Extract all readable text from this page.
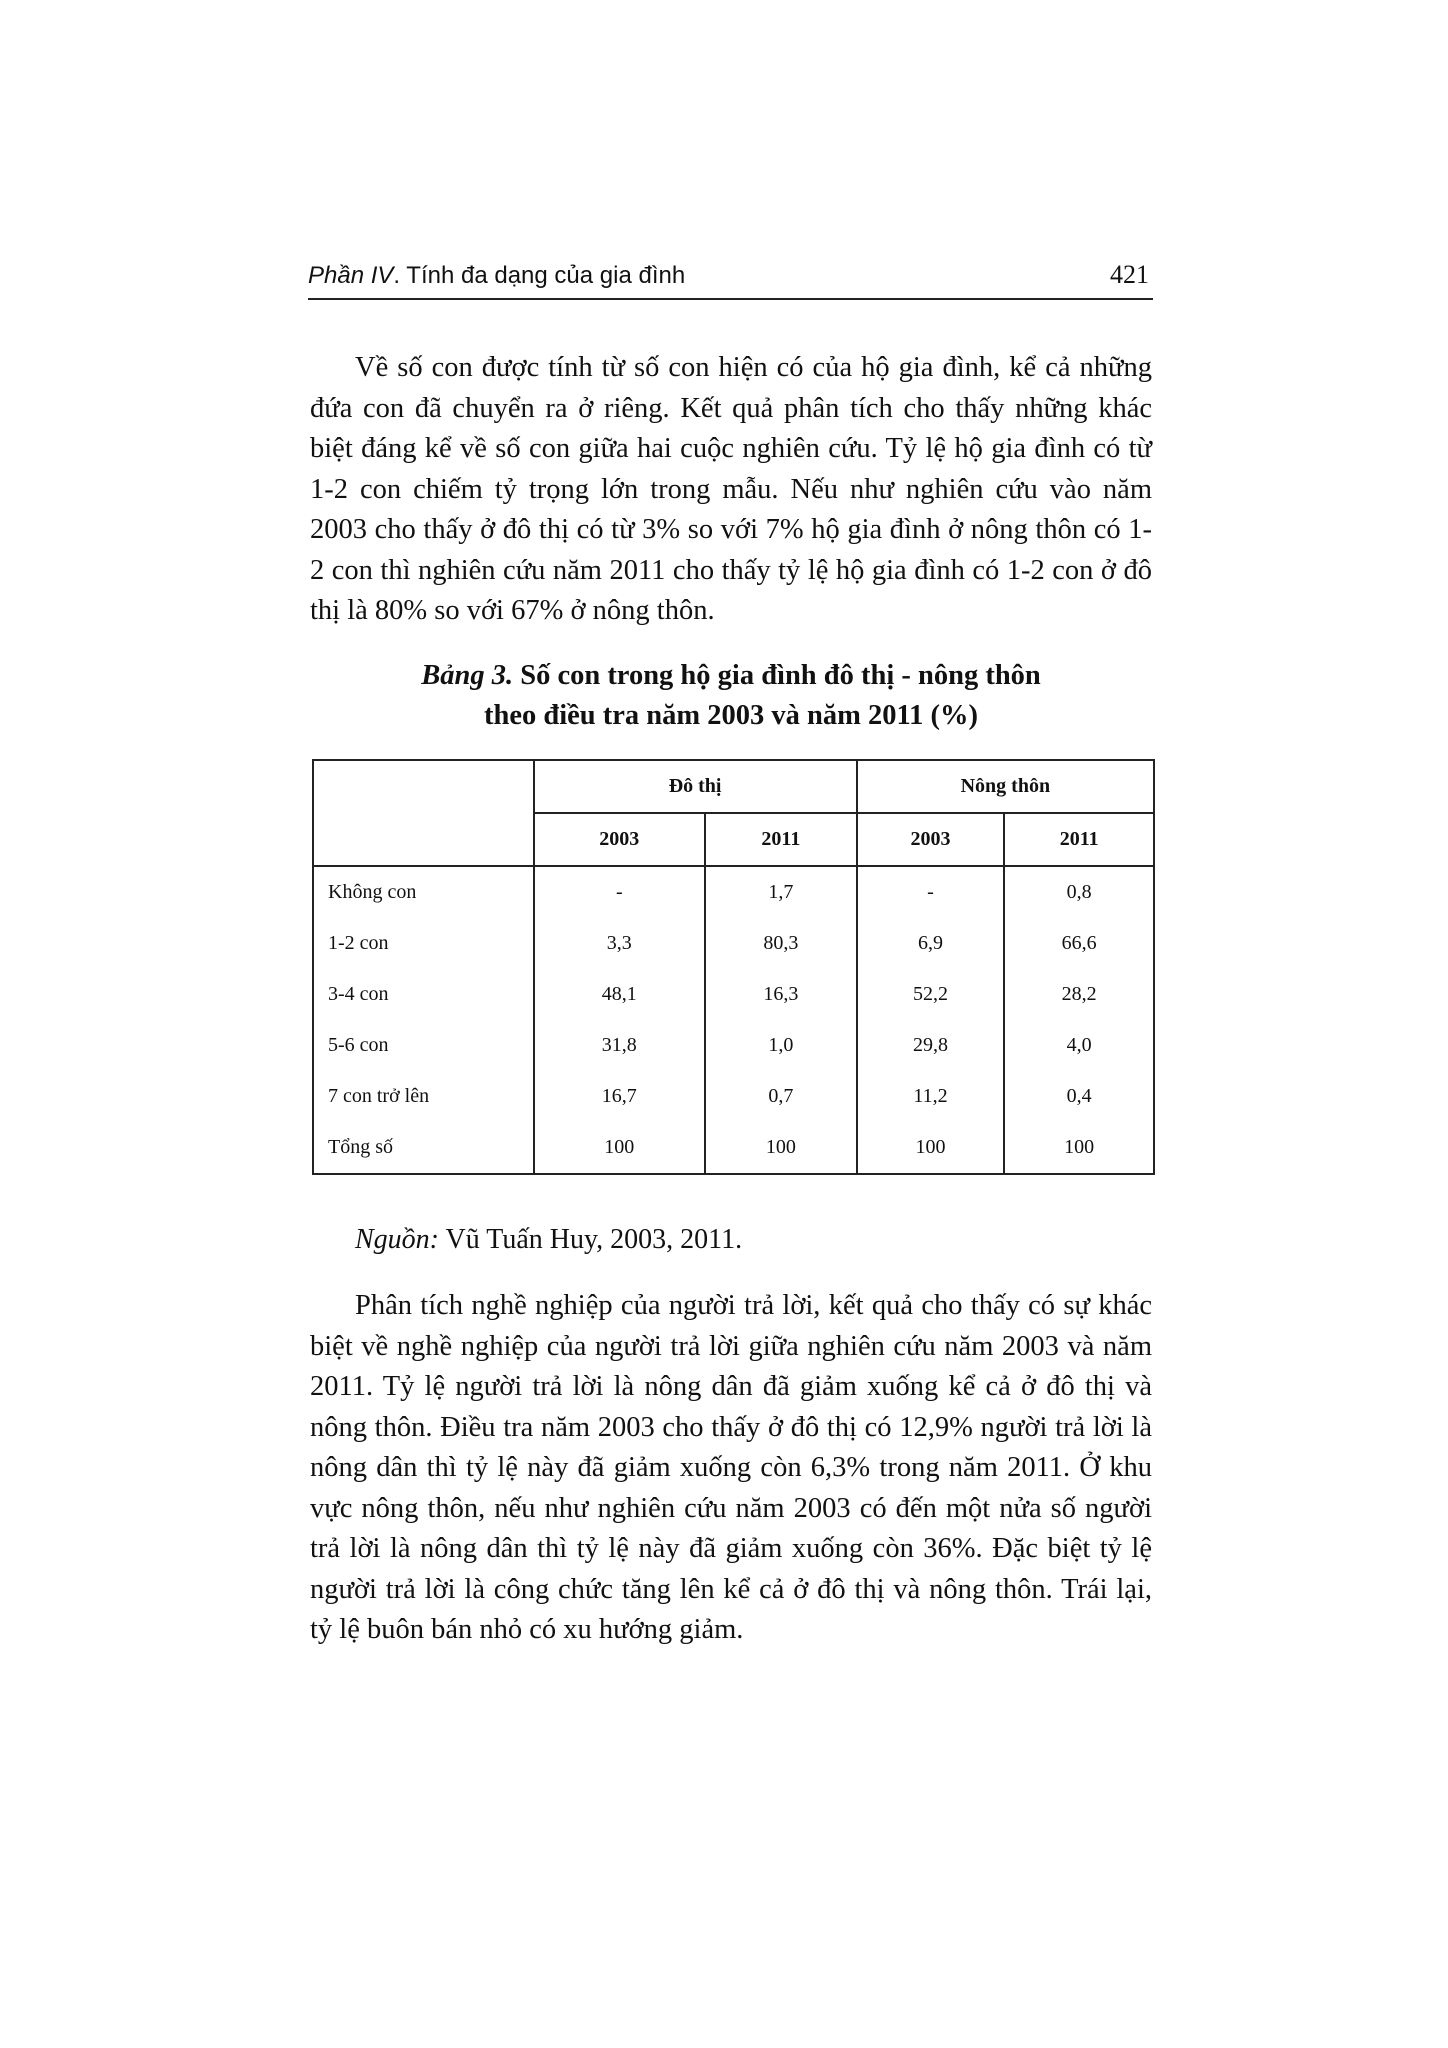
Phần IV. Tính đa dạng của gia đình	421

Về số con được tính từ số con hiện có của hộ gia đình, kể cả những đứa con đã chuyển ra ở riêng. Kết quả phân tích cho thấy những khác biệt đáng kể về số con giữa hai cuộc nghiên cứu. Tỷ lệ hộ gia đình có từ 1-2 con chiếm tỷ trọng lớn trong mẫu. Nếu như nghiên cứu vào năm 2003 cho thấy ở đô thị có từ 3% so với 7% hộ gia đình ở nông thôn có 1-2 con thì nghiên cứu năm 2011 cho thấy tỷ lệ hộ gia đình có 1-2 con ở đô thị là 80% so với 67% ở nông thôn.

Bảng 3. Số con trong hộ gia đình đô thị - nông thôn
theo điều tra năm 2003 và năm 2011 (%)
	Đô thị		Nông thôn	
	2003	2011	2003	2011
Không con	-	1,7	-	0,8
1-2 con	3,3	80,3	6,9	66,6
3-4 con	48,1	16,3	52,2	28,2
5-6 con	31,8	1,0	29,8	4,0
7 con trở lên	16,7	0,7	11,2	0,4
Tổng số	100	100	100	100
Nguồn: Vũ Tuấn Huy, 2003, 2011.

Phân tích nghề nghiệp của người trả lời, kết quả cho thấy có sự khác biệt về nghề nghiệp của người trả lời giữa nghiên cứu năm 2003 và năm 2011. Tỷ lệ người trả lời là nông dân đã giảm xuống kể cả ở đô thị và nông thôn. Điều tra năm 2003 cho thấy ở đô thị có 12,9% người trả lời là nông dân thì tỷ lệ này đã giảm xuống còn 6,3% trong năm 2011. Ở khu vực nông thôn, nếu như nghiên cứu năm 2003 có đến một nửa số người trả lời là nông dân thì tỷ lệ này đã giảm xuống còn 36%. Đặc biệt tỷ lệ người trả lời là công chức tăng lên kể cả ở đô thị và nông thôn. Trái lại, tỷ lệ buôn bán nhỏ có xu hướng giảm.
